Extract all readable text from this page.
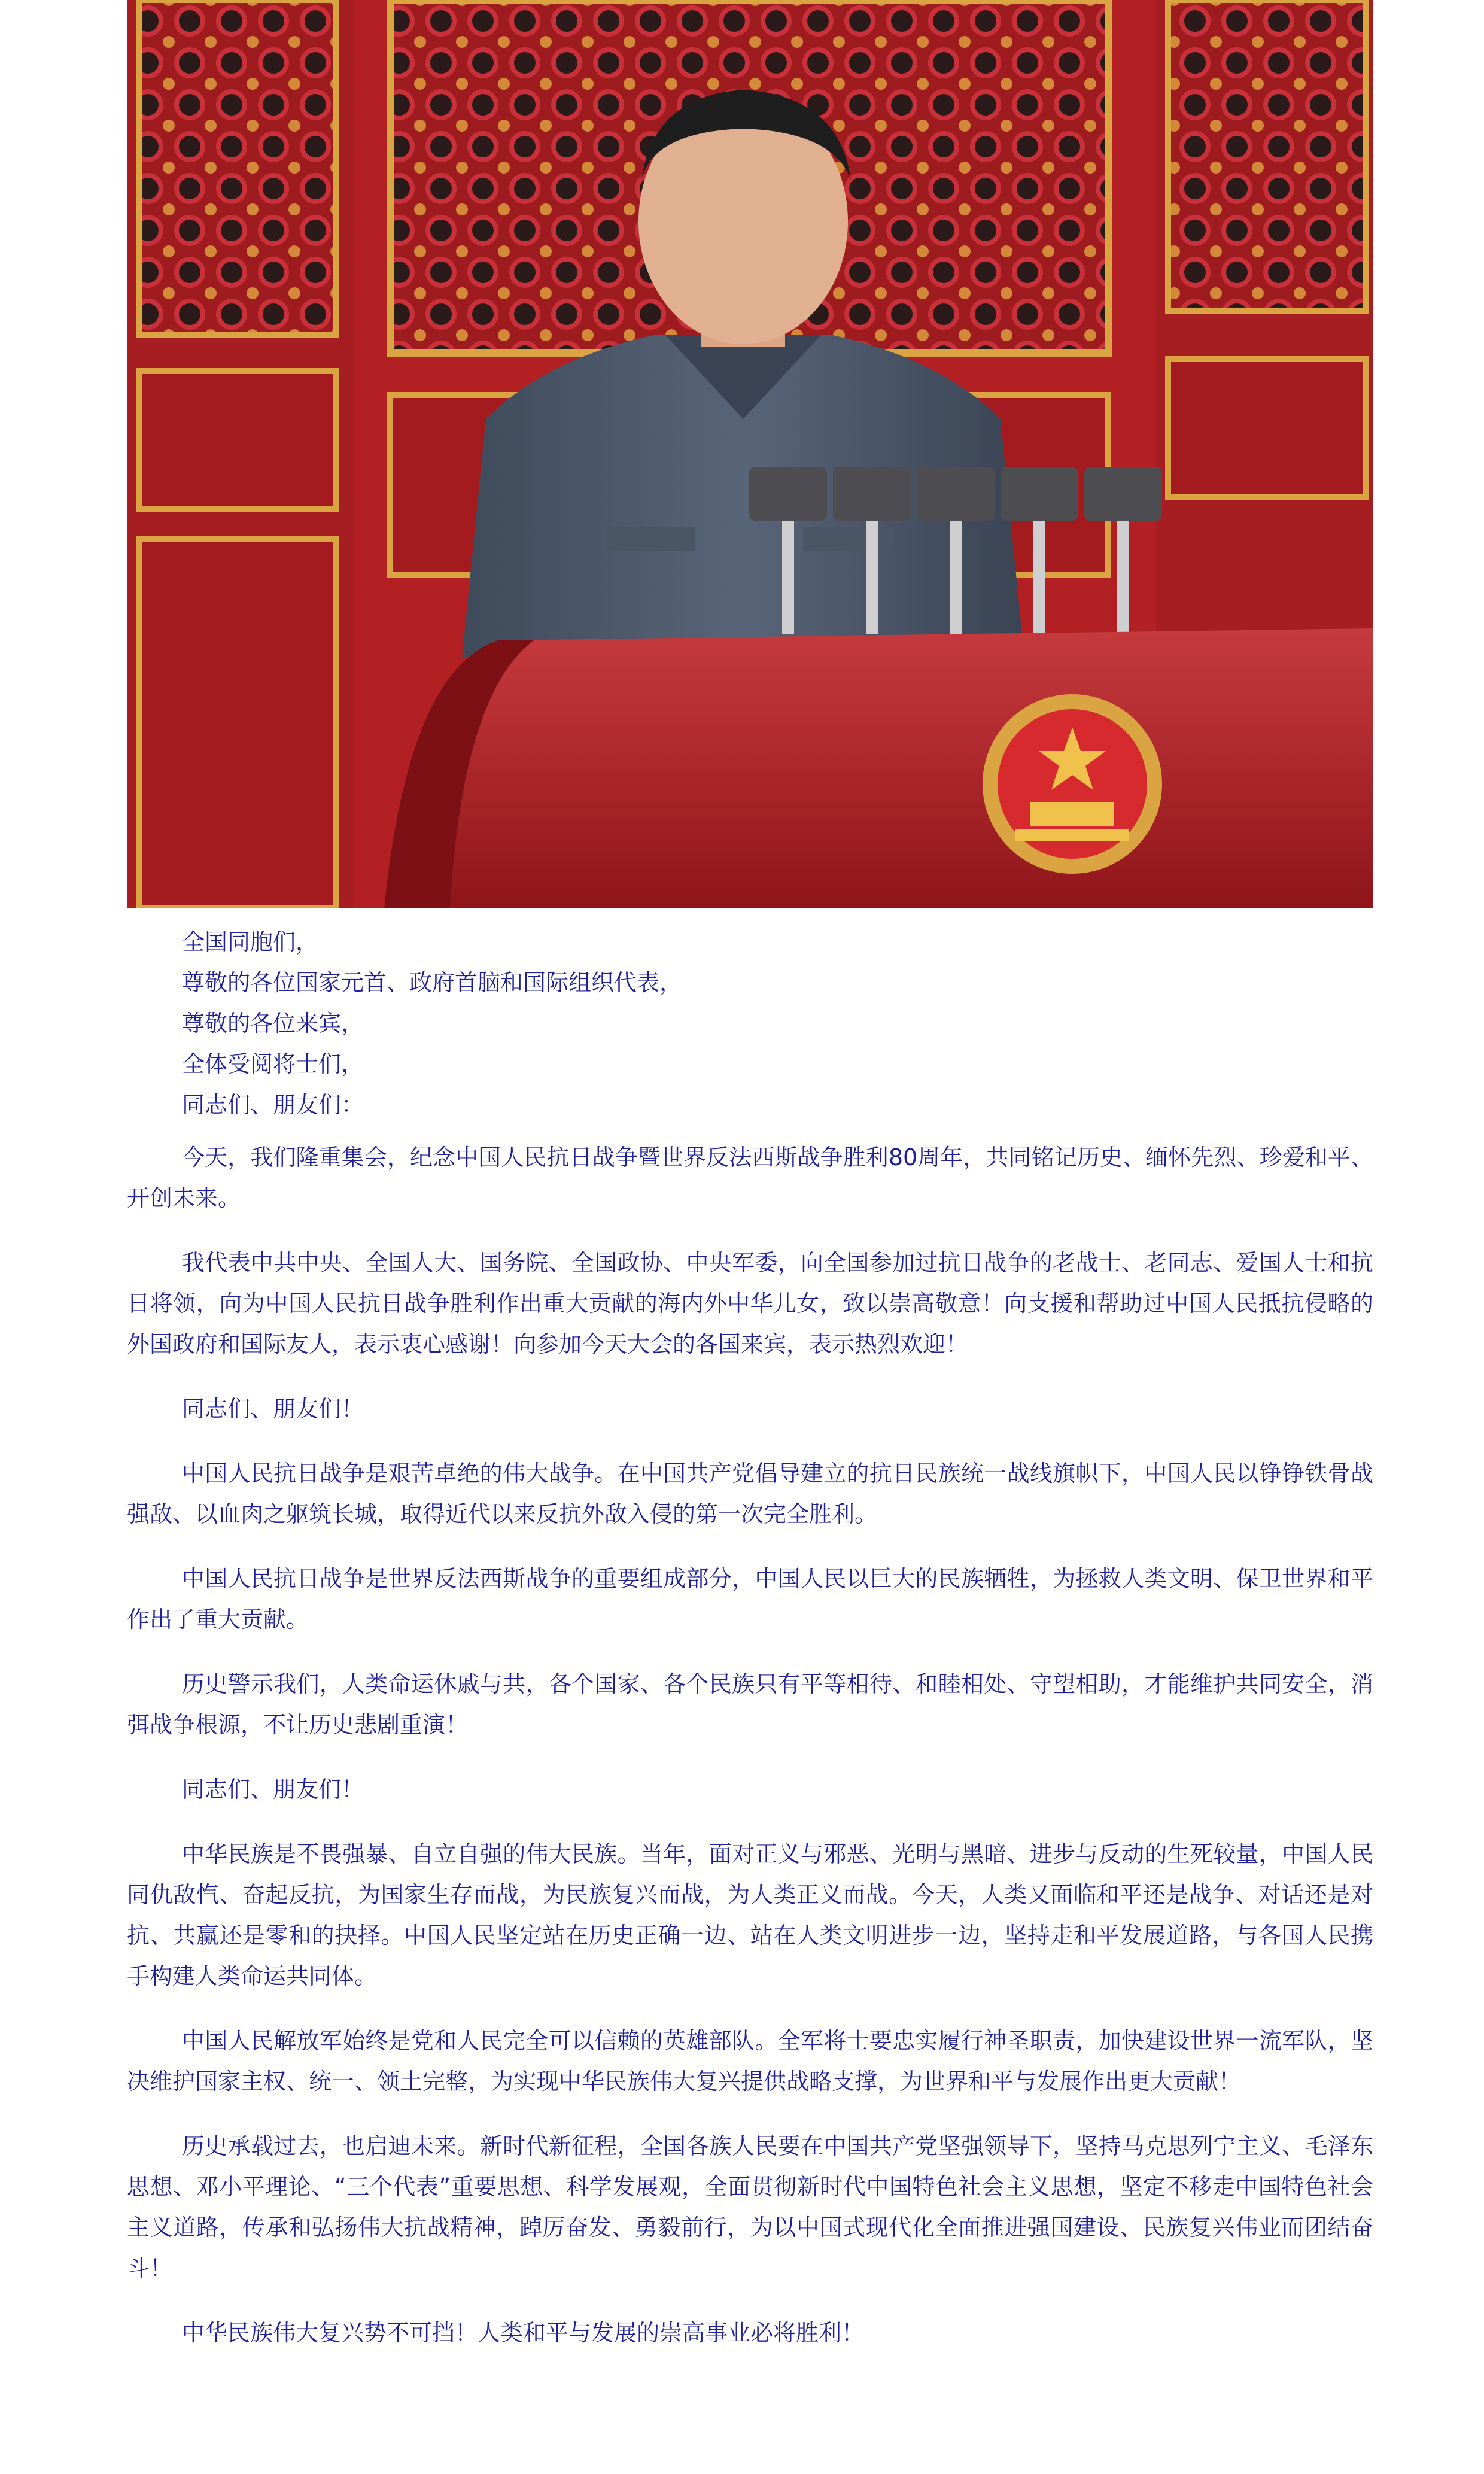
全国同胞们，
尊敬的各位国家元首、政府首脑和国际组织代表，
尊敬的各位来宾，
全体受阅将士们，
同志们、朋友们：

今天，我们隆重集会，纪念中国人民抗日战争暨世界反法西斯战争胜利80周年，共同铭记历史、缅怀先烈、珍爱和平、开创未来。

我代表中共中央、全国人大、国务院、全国政协、中央军委，向全国参加过抗日战争的老战士、老同志、爱国人士和抗日将领，向为中国人民抗日战争胜利作出重大贡献的海内外中华儿女，致以崇高敬意！向支援和帮助过中国人民抵抗侵略的外国政府和国际友人，表示衷心感谢！向参加今天大会的各国来宾，表示热烈欢迎！

同志们、朋友们！

中国人民抗日战争是艰苦卓绝的伟大战争。在中国共产党倡导建立的抗日民族统一战线旗帜下，中国人民以铮铮铁骨战强敌、以血肉之躯筑长城，取得近代以来反抗外敌入侵的第一次完全胜利。

中国人民抗日战争是世界反法西斯战争的重要组成部分，中国人民以巨大的民族牺牲，为拯救人类文明、保卫世界和平作出了重大贡献。

历史警示我们，人类命运休戚与共，各个国家、各个民族只有平等相待、和睦相处、守望相助，才能维护共同安全，消弭战争根源，不让历史悲剧重演！

同志们、朋友们！

中华民族是不畏强暴、自立自强的伟大民族。当年，面对正义与邪恶、光明与黑暗、进步与反动的生死较量，中国人民同仇敌忾、奋起反抗，为国家生存而战，为民族复兴而战，为人类正义而战。今天，人类又面临和平还是战争、对话还是对抗、共赢还是零和的抉择。中国人民坚定站在历史正确一边、站在人类文明进步一边，坚持走和平发展道路，与各国人民携手构建人类命运共同体。

中国人民解放军始终是党和人民完全可以信赖的英雄部队。全军将士要忠实履行神圣职责，加快建设世界一流军队，坚决维护国家主权、统一、领土完整，为实现中华民族伟大复兴提供战略支撑，为世界和平与发展作出更大贡献！

历史承载过去，也启迪未来。新时代新征程，全国各族人民要在中国共产党坚强领导下，坚持马克思列宁主义、毛泽东思想、邓小平理论、“三个代表”重要思想、科学发展观，全面贯彻新时代中国特色社会主义思想，坚定不移走中国特色社会主义道路，传承和弘扬伟大抗战精神，踔厉奋发、勇毅前行，为以中国式现代化全面推进强国建设、民族复兴伟业而团结奋斗！

中华民族伟大复兴势不可挡！人类和平与发展的崇高事业必将胜利！
